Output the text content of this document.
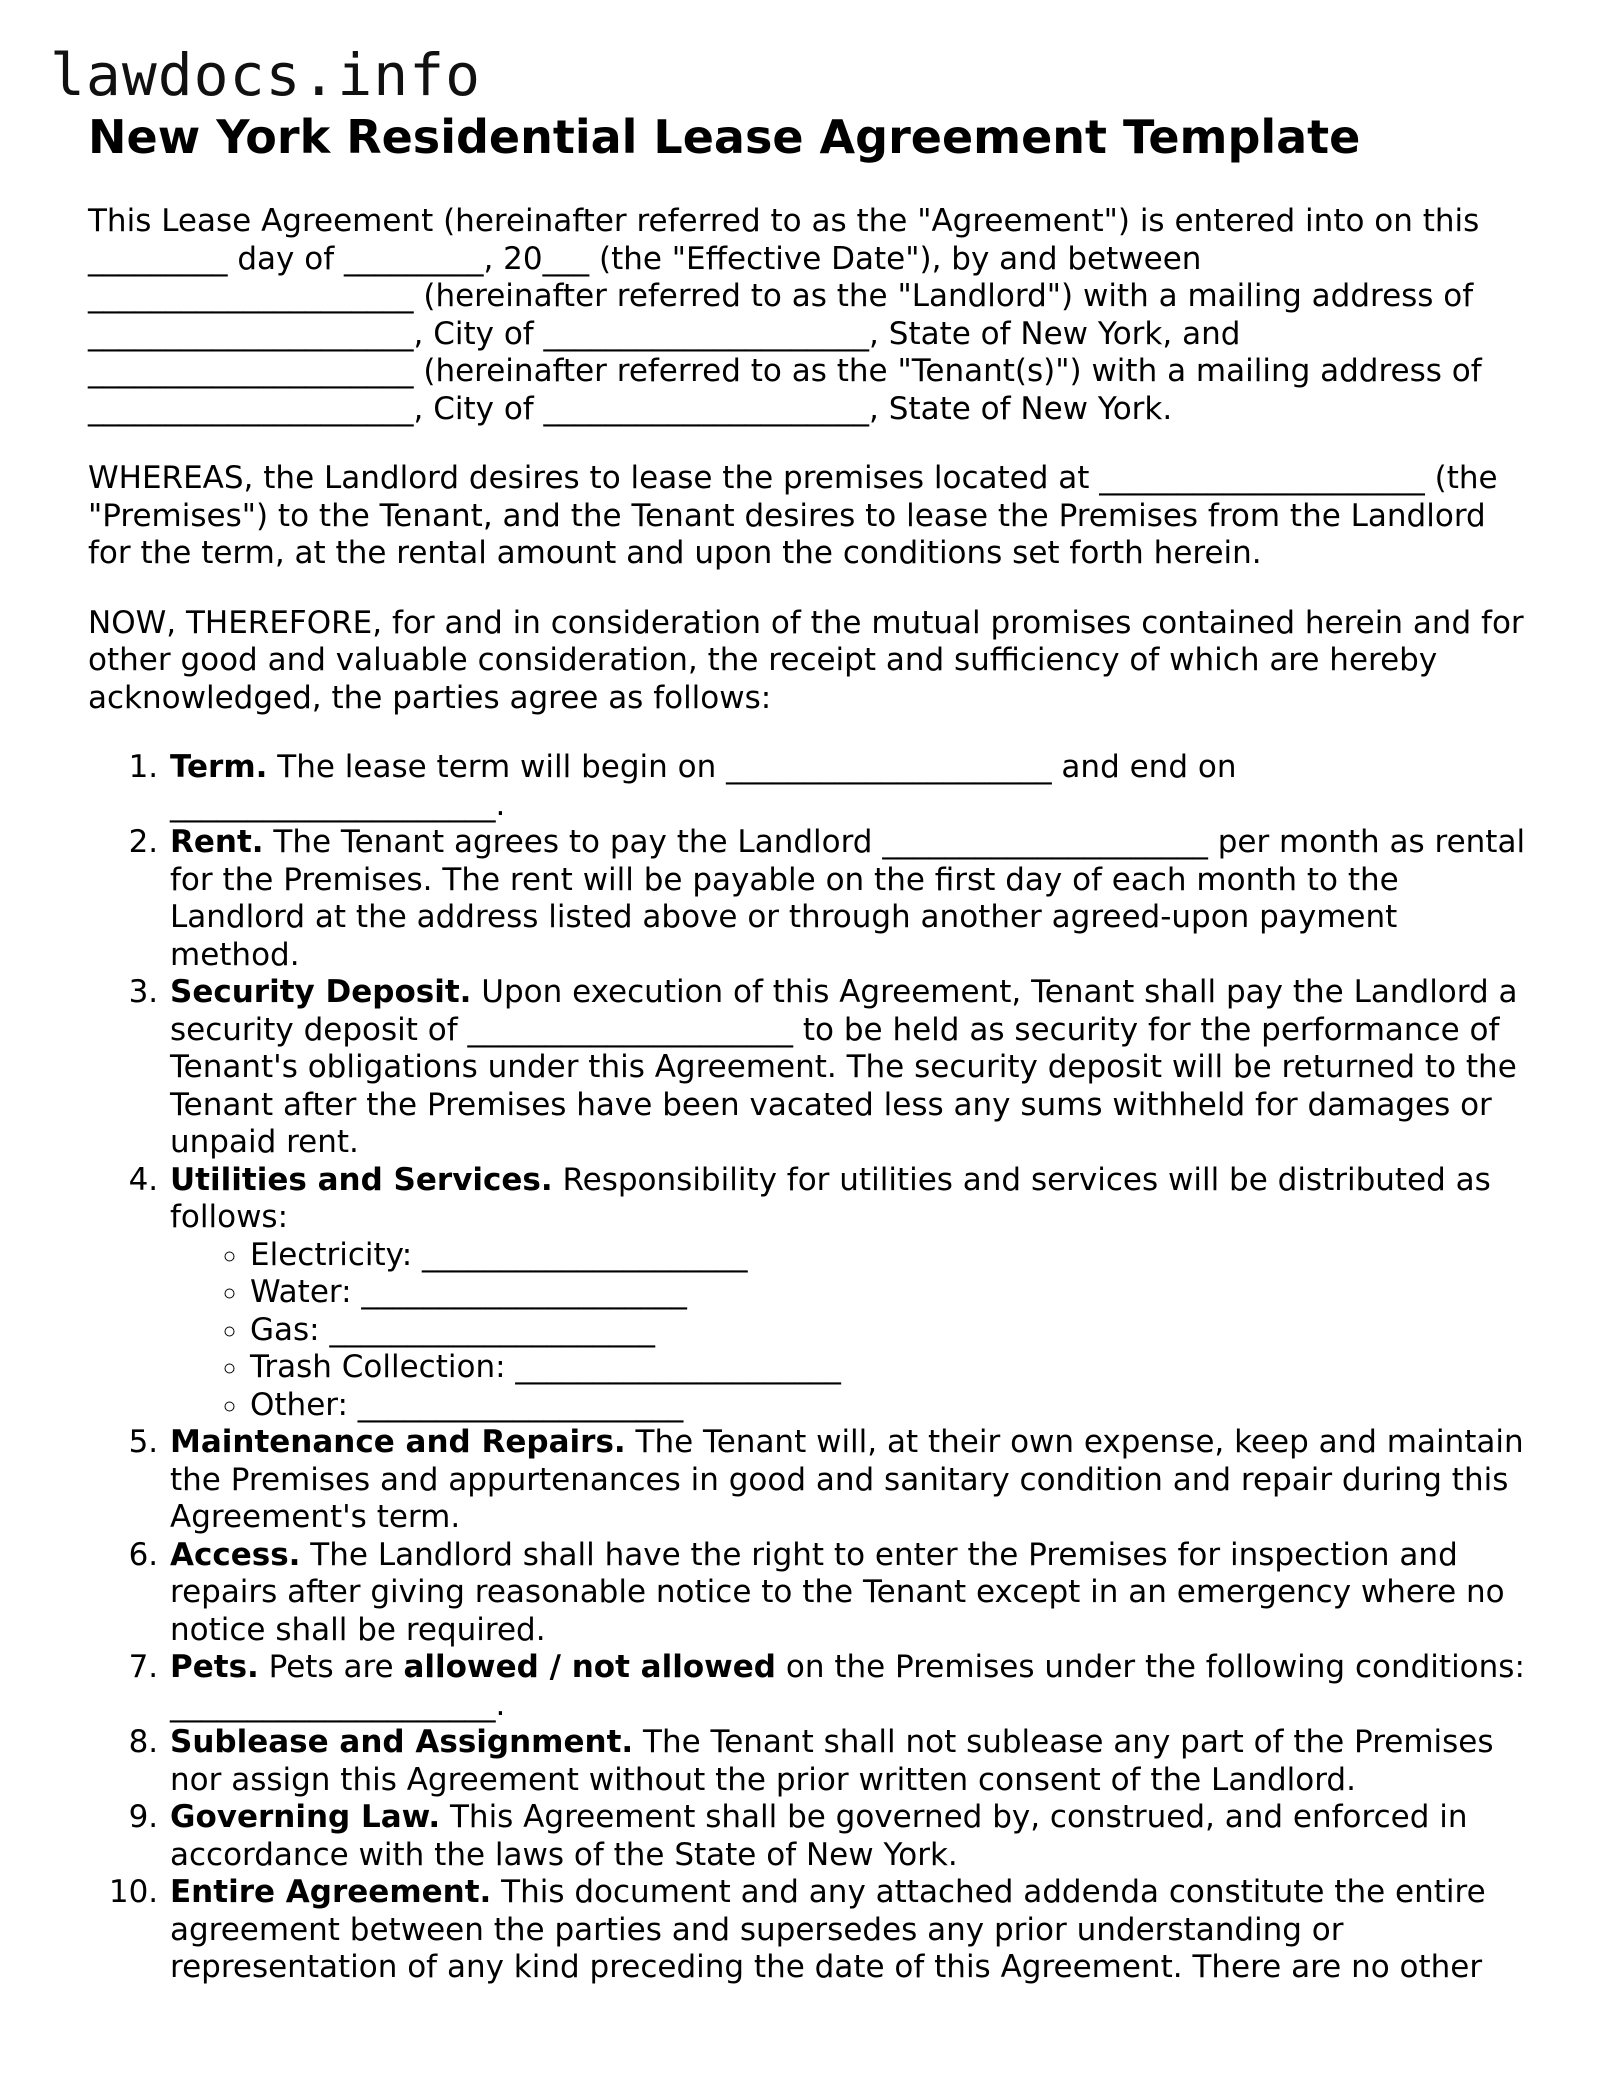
lawdocs.info
New York Residential Lease Agreement Template

This Lease Agreement (hereinafter referred to as the "Agreement") is entered into on this _________ day of _________, 20___ (the "Effective Date"), by and between _____________________ (hereinafter referred to as the "Landlord") with a mailing address of _____________________, City of _____________________, State of New York, and _____________________ (hereinafter referred to as the "Tenant(s)") with a mailing address of _____________________, City of _____________________, State of New York.

WHEREAS, the Landlord desires to lease the premises located at _____________________ (the "Premises") to the Tenant, and the Tenant desires to lease the Premises from the Landlord for the term, at the rental amount and upon the conditions set forth herein.

NOW, THEREFORE, for and in consideration of the mutual promises contained herein and for other good and valuable consideration, the receipt and sufficiency of which are hereby acknowledged, the parties agree as follows:

1. Term. The lease term will begin on _____________________ and end on _____________________.
2. Rent. The Tenant agrees to pay the Landlord _____________________ per month as rental for the Premises. The rent will be payable on the first day of each month to the Landlord at the address listed above or through another agreed-upon payment method.
3. Security Deposit. Upon execution of this Agreement, Tenant shall pay the Landlord a security deposit of _____________________ to be held as security for the performance of Tenant's obligations under this Agreement. The security deposit will be returned to the Tenant after the Premises have been vacated less any sums withheld for damages or unpaid rent.
4. Utilities and Services. Responsibility for utilities and services will be distributed as follows:
◦ Electricity: _____________________
◦ Water: _____________________
◦ Gas: _____________________
◦ Trash Collection: _____________________
◦ Other: _____________________
5. Maintenance and Repairs. The Tenant will, at their own expense, keep and maintain the Premises and appurtenances in good and sanitary condition and repair during this Agreement's term.
6. Access. The Landlord shall have the right to enter the Premises for inspection and repairs after giving reasonable notice to the Tenant except in an emergency where no notice shall be required.
7. Pets. Pets are allowed / not allowed on the Premises under the following conditions: _____________________.
8. Sublease and Assignment. The Tenant shall not sublease any part of the Premises nor assign this Agreement without the prior written consent of the Landlord.
9. Governing Law. This Agreement shall be governed by, construed, and enforced in accordance with the laws of the State of New York.
10. Entire Agreement. This document and any attached addenda constitute the entire agreement between the parties and supersedes any prior understanding or representation of any kind preceding the date of this Agreement. There are no other
